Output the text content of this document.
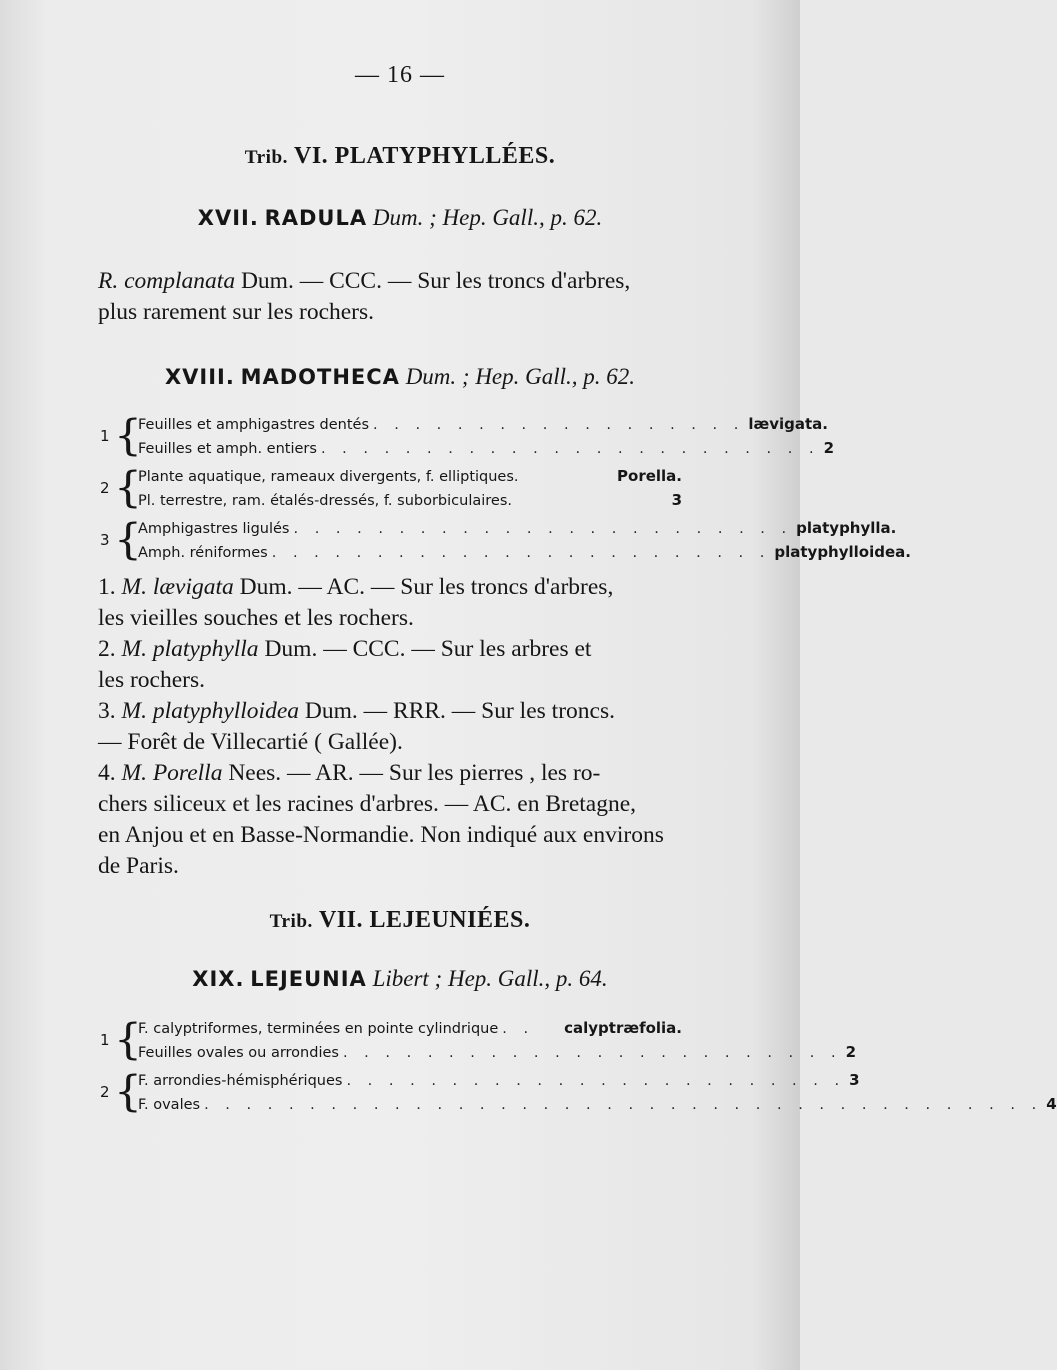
— 16 —
Trib. VI. PLATYPHYLLÉES.
XVII. RADULA Dum. ; Hep. Gall., p. 62.
R. complanata Dum. — CCC. — Sur les troncs d'arbres,
plus rarement sur les rochers.
XVIII. MADOTHECA Dum. ; Hep. Gall., p. 62.
1 {
Feuilles et amphigastres dentés . . . . . . . . . . . . . . . . . . lævigata.
Feuilles et amph. entiers . . . . . . . . . . . . . . . . . . . . . . . . 2
2 {
Plante aquatique, rameaux divergents, f. elliptiques.	Porella.
Pl. terrestre, ram. étalés-dressés, f. suborbiculaires.	3
3 {
Amphigastres ligulés . . . . . . . . . . . . . . . . . . . . . . . . platyphylla.
Amph. réniformes . . . . . . . . . . . . . . . . . . . . . . . . platyphylloidea.
1. M. lævigata Dum. — AC. — Sur les troncs d'arbres,
les vieilles souches et les rochers.
2. M. platyphylla Dum. — CCC. — Sur les arbres et
les rochers.
3. M. platyphylloidea Dum. — RRR. — Sur les troncs.
— Forêt de Villecartié ( Gallée).
4. M. Porella Nees. — AR. — Sur les pierres , les ro-
chers siliceux et les racines d'arbres. — AC. en Bretagne,
en Anjou et en Basse-Normandie. Non indiqué aux environs
de Paris.
Trib. VII. LEJEUNIÉES.
XIX. LEJEUNIA Libert ; Hep. Gall., p. 64.
1 {
F. calyptriformes, terminées en pointe cylindrique . .	calyptræfolia.
Feuilles ovales ou arrondies . . . . . . . . . . . . . . . . . . . . . . . . 2
2 {
F. arrondies-hémisphériques . . . . . . . . . . . . . . . . . . . . . . . . 3
F. ovales . . . . . . . . . . . . . . . . . . . . . . . . . . . . . . . . . . . . . . . . 4
